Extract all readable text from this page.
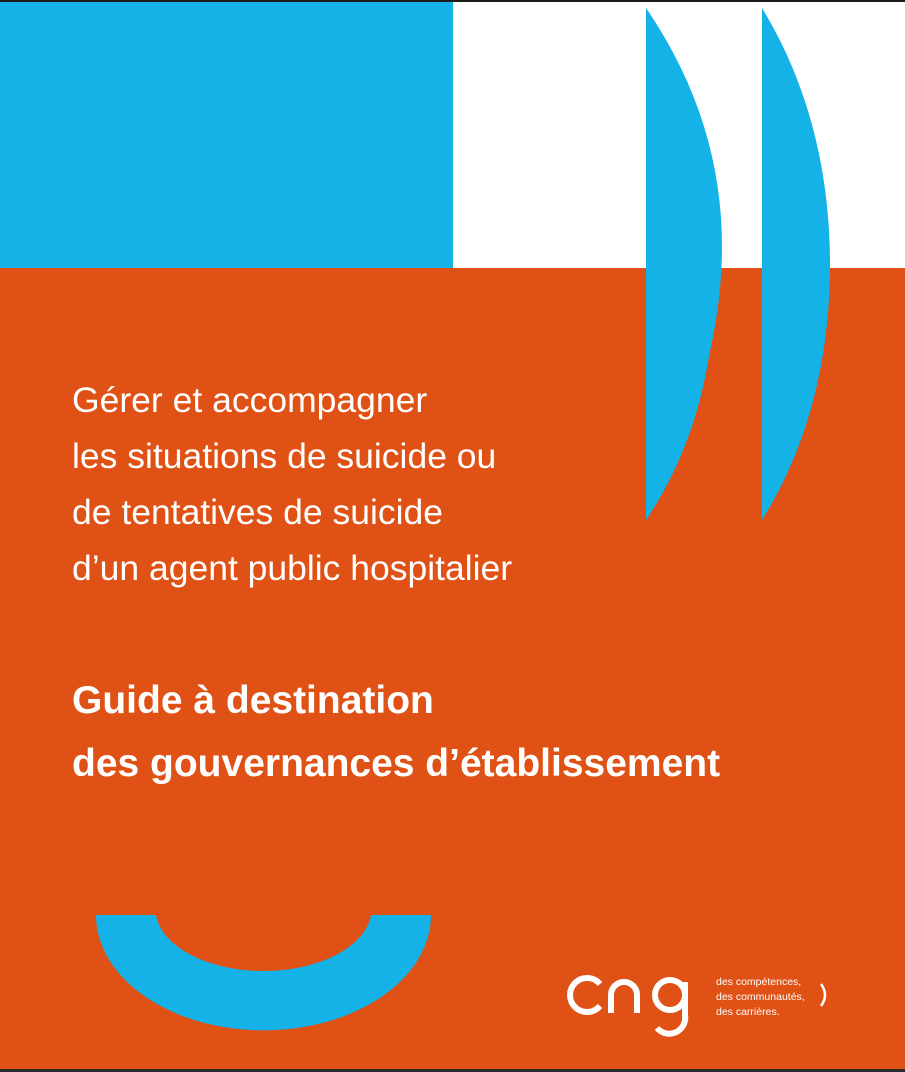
Gérer et accompagner
les situations de suicide ou
de tentatives de suicide
d’un agent public hospitalier
Guide à destination
des gouvernances d’établissement
des compétences,
des communautés,
des carrières.
